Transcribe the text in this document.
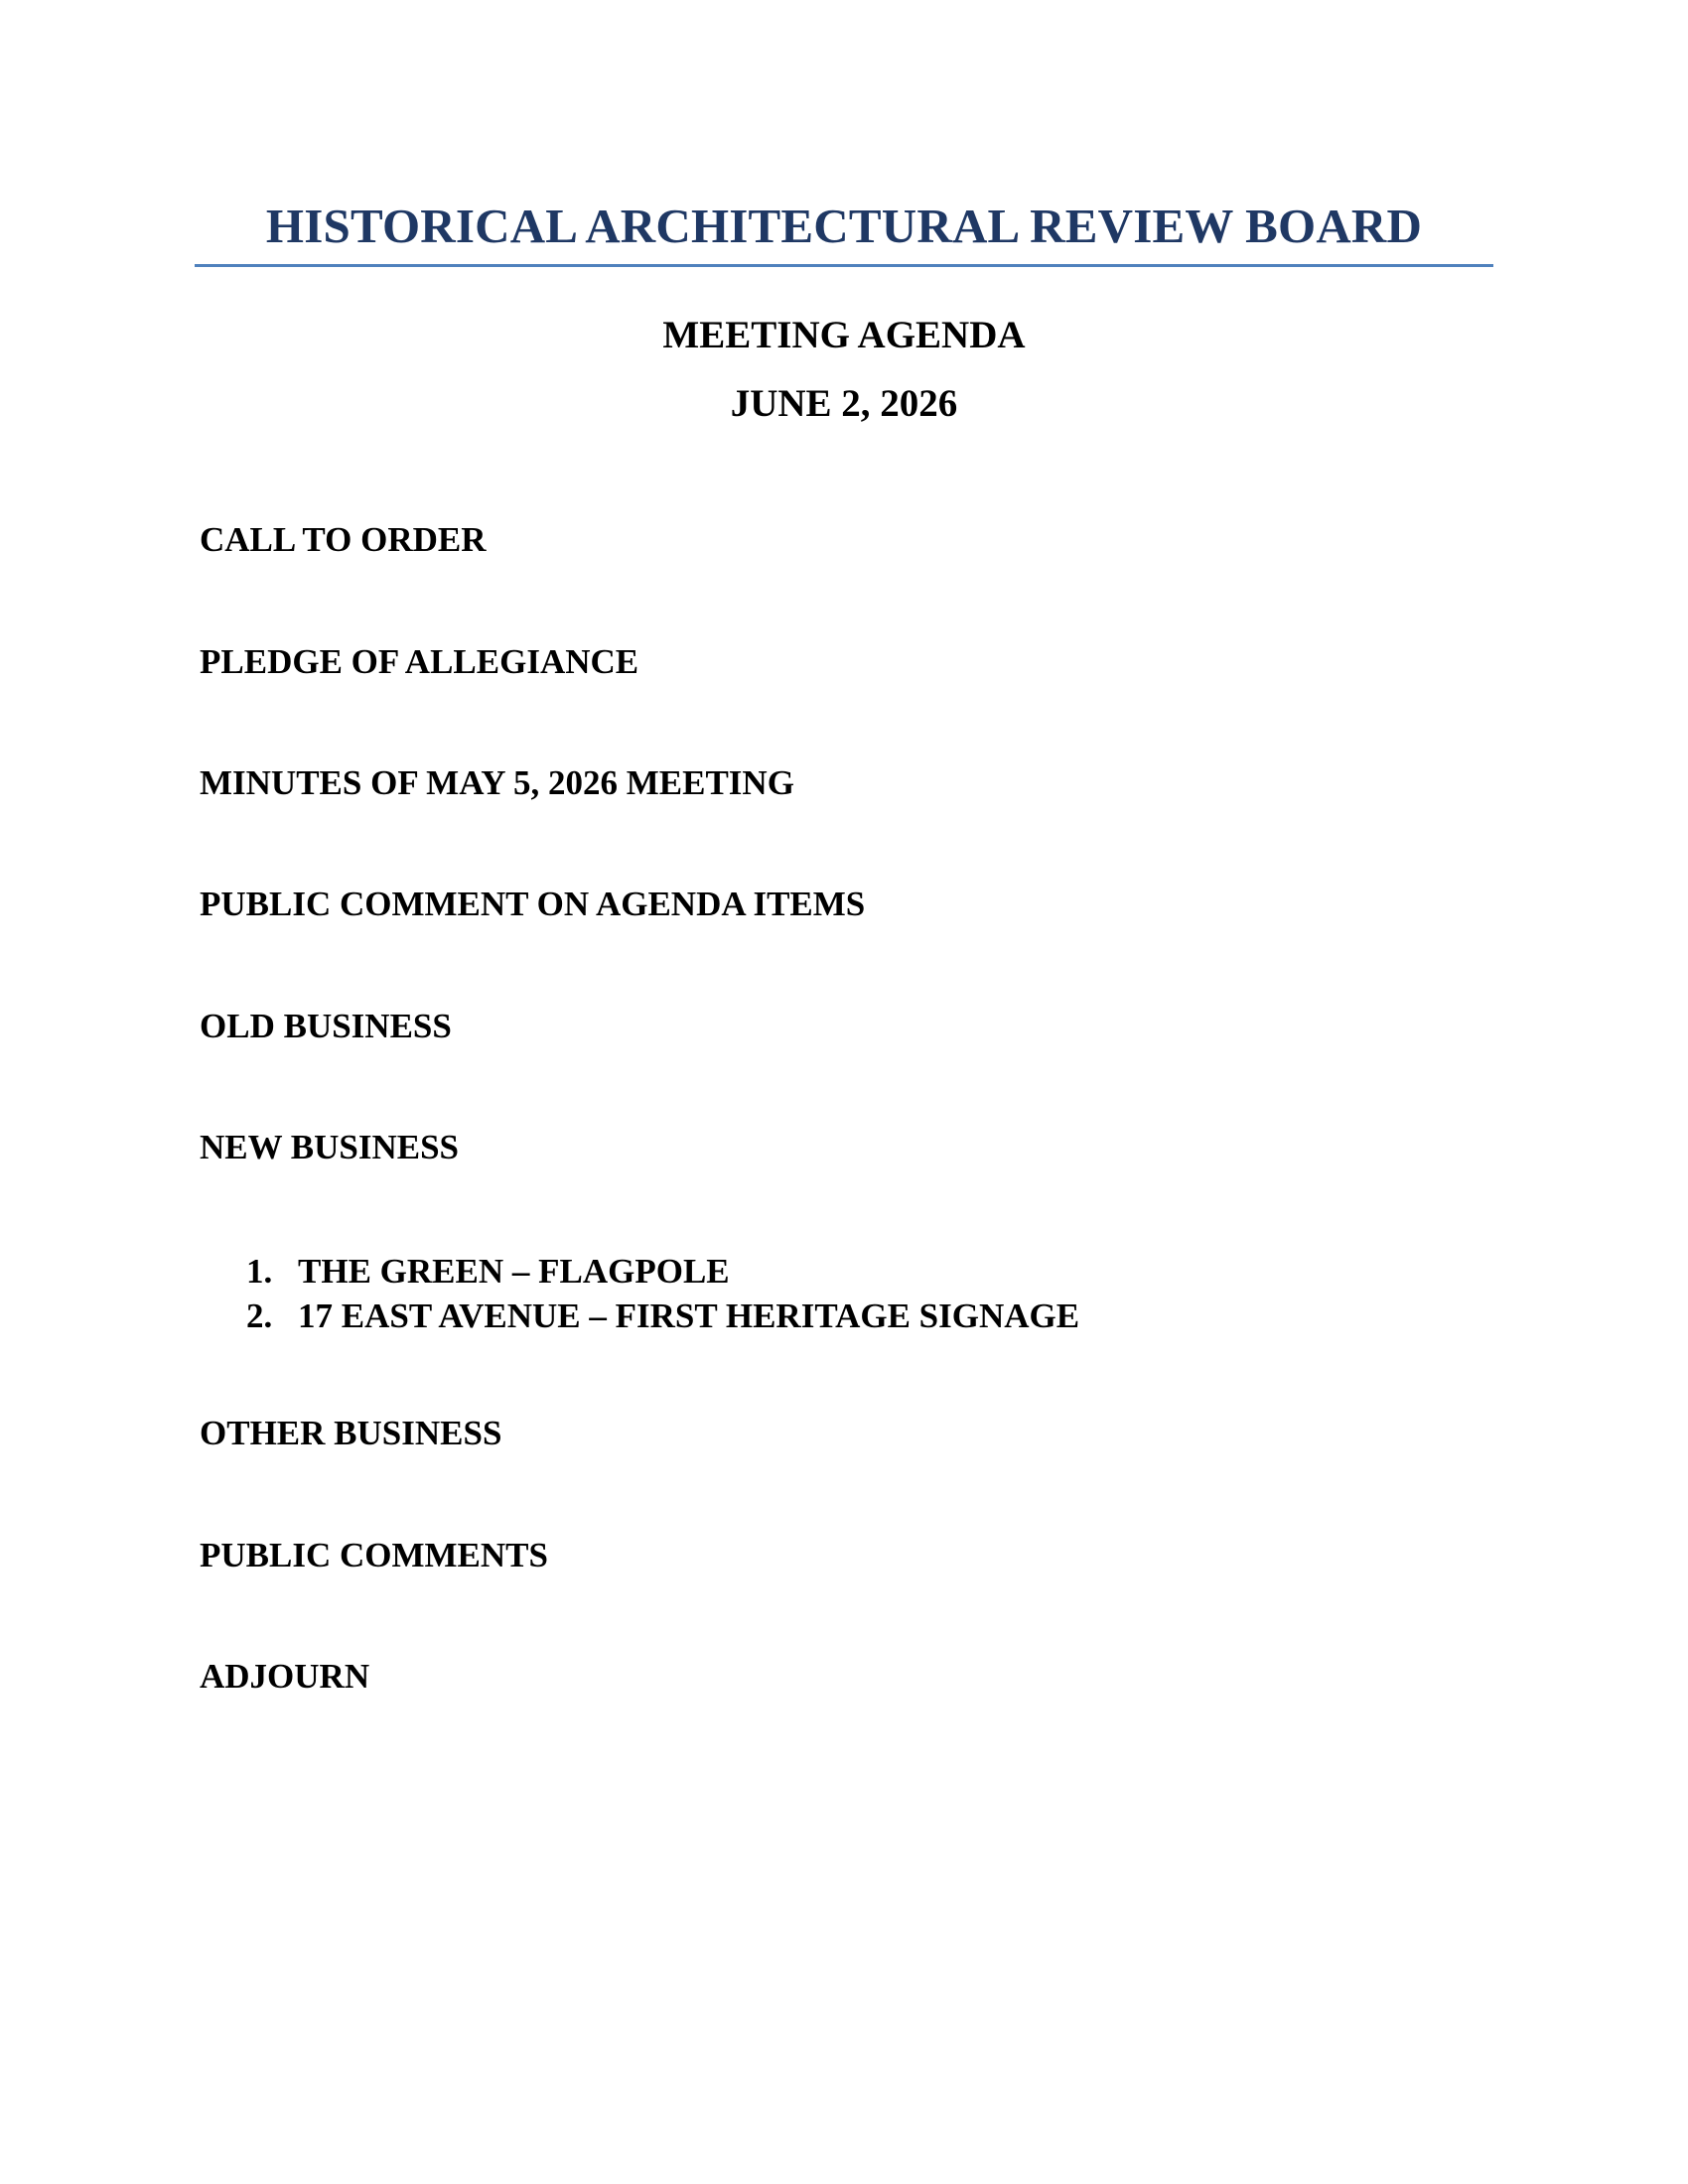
HISTORICAL ARCHITECTURAL REVIEW BOARD
MEETING AGENDA
JUNE 2, 2026
CALL TO ORDER
PLEDGE OF ALLEGIANCE
MINUTES OF MAY 5, 2026 MEETING
PUBLIC COMMENT ON AGENDA ITEMS
OLD BUSINESS
NEW BUSINESS
1. THE GREEN – FLAGPOLE
2. 17 EAST AVENUE – FIRST HERITAGE SIGNAGE
OTHER BUSINESS
PUBLIC COMMENTS
ADJOURN
